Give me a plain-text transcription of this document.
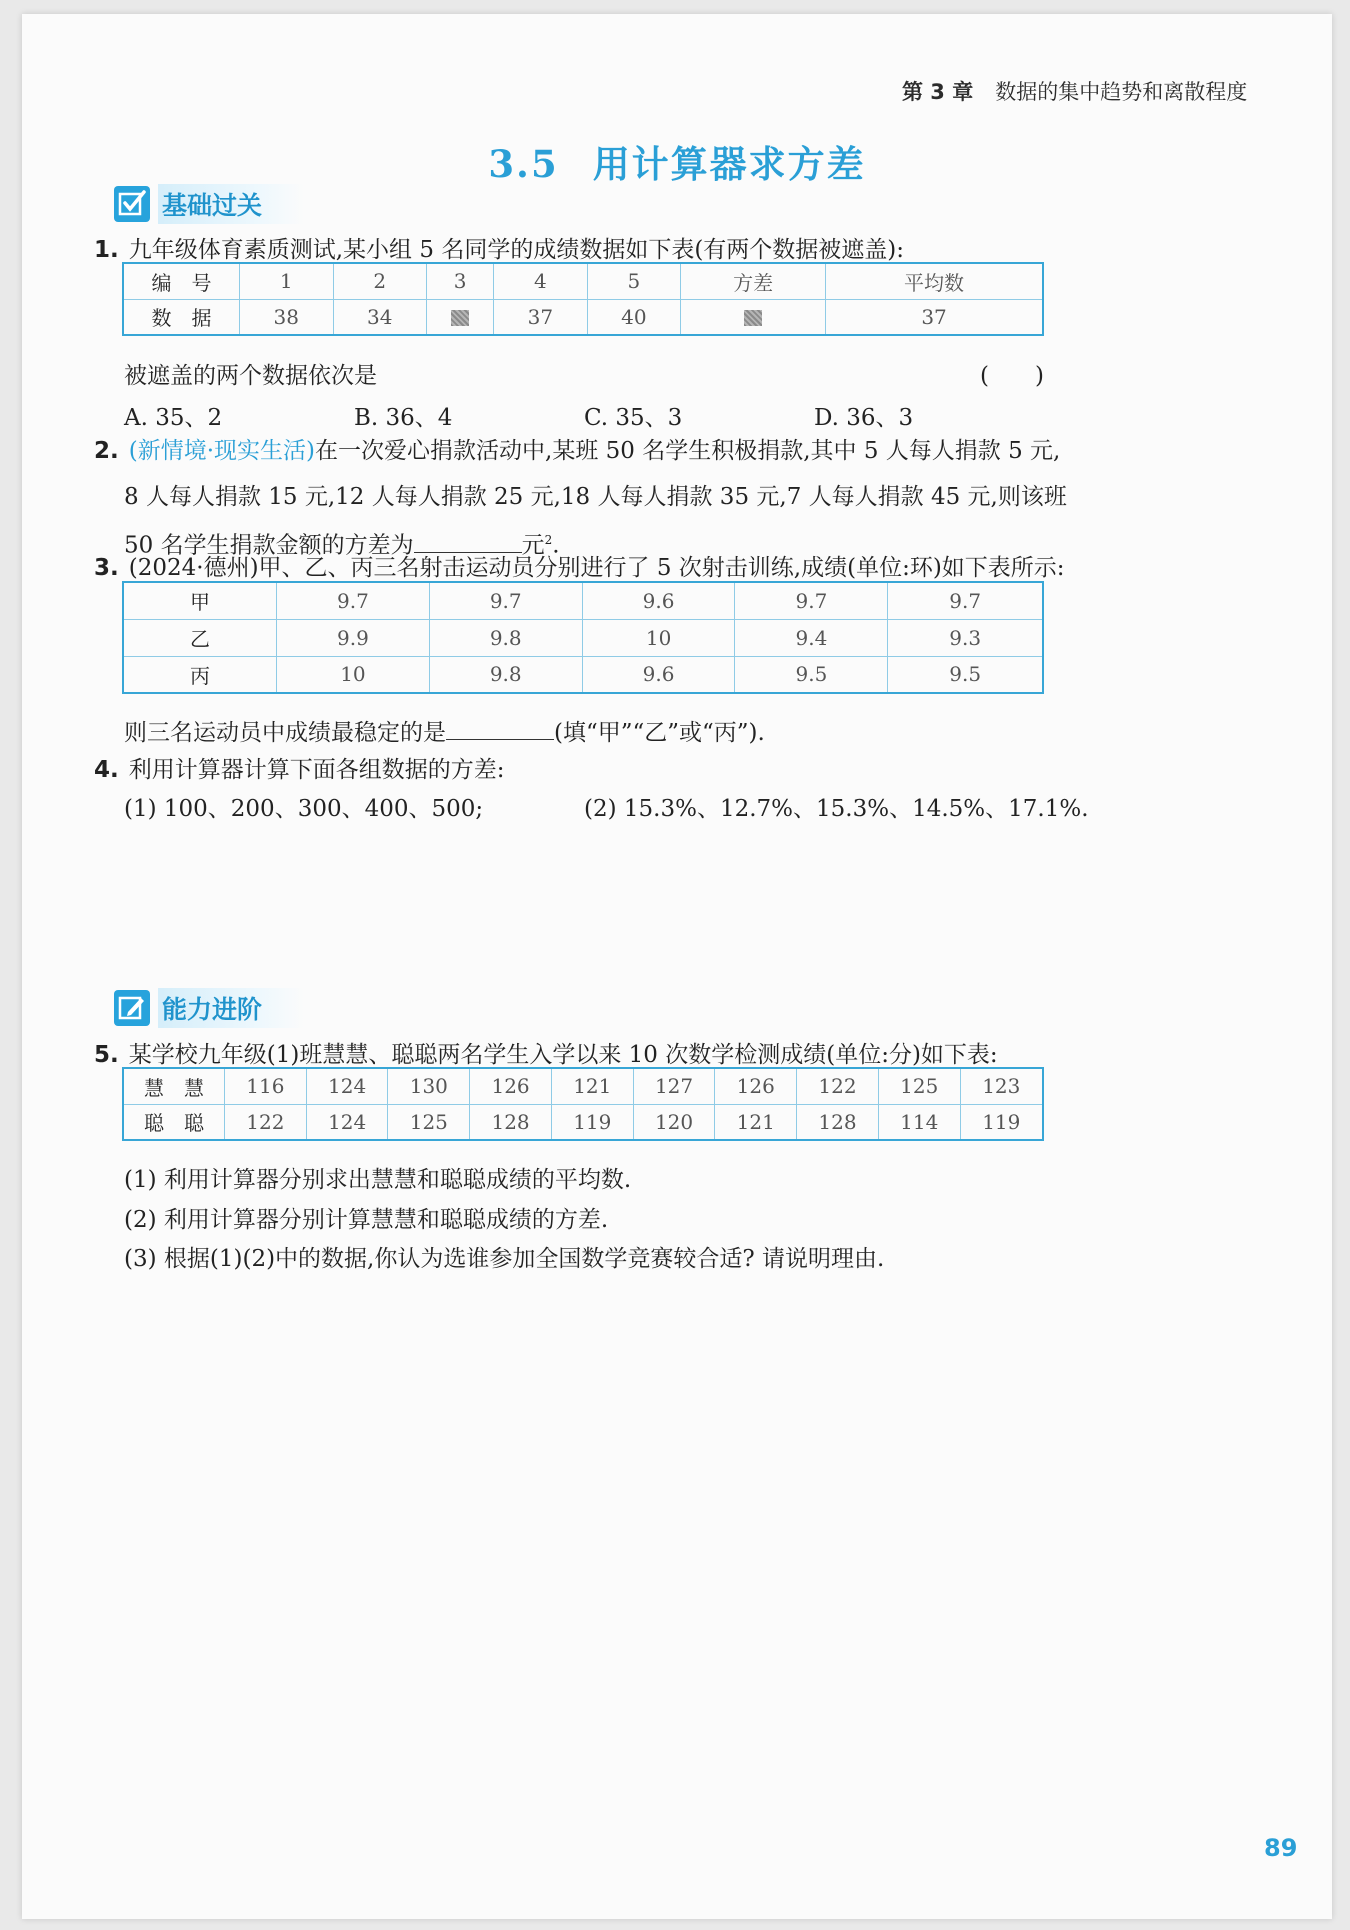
第 3 章 数据的集中趋势和离散程度
3.5 用计算器求方差
基础过关
1. 九年级体育素质测试,某小组 5 名同学的成绩数据如下表(有两个数据被遮盖):
编　号	1	2	3	4	5	方差	平均数
数　据	38	34		37	40		37
被遮盖的两个数据依次是	(　　)
A. 35、2	B. 36、4	C. 35、3	D. 36、3
2. (新情境·现实生活)在一次爱心捐款活动中,某班 50 名学生积极捐款,其中 5 人每人捐款 5 元,
8 人每人捐款 15 元,12 人每人捐款 25 元,18 人每人捐款 35 元,7 人每人捐款 45 元,则该班
50 名学生捐款金额的方差为	元$^2$.
3. (2024·德州)甲、乙、丙三名射击运动员分别进行了 5 次射击训练,成绩(单位:环)如下表所示:
甲	9.7	9.7	9.6	9.7	9.7
乙	9.9	9.8	10	9.4	9.3
丙	10	9.8	9.6	9.5	9.5
则三名运动员中成绩最稳定的是	(填“甲”“乙”或“丙”).
4. 利用计算器计算下面各组数据的方差:
(1) 100、200、300、400、500;	(2) 15.3%、12.7%、15.3%、14.5%、17.1%.
能力进阶
5. 某学校九年级(1)班慧慧、聪聪两名学生入学以来 10 次数学检测成绩(单位:分)如下表:
慧　慧	116	124	130	126	121	127	126	122	125	123
聪　聪	122	124	125	128	119	120	121	128	114	119
(1) 利用计算器分别求出慧慧和聪聪成绩的平均数.
(2) 利用计算器分别计算慧慧和聪聪成绩的方差.
(3) 根据(1)(2)中的数据,你认为选谁参加全国数学竞赛较合适? 请说明理由.
89
